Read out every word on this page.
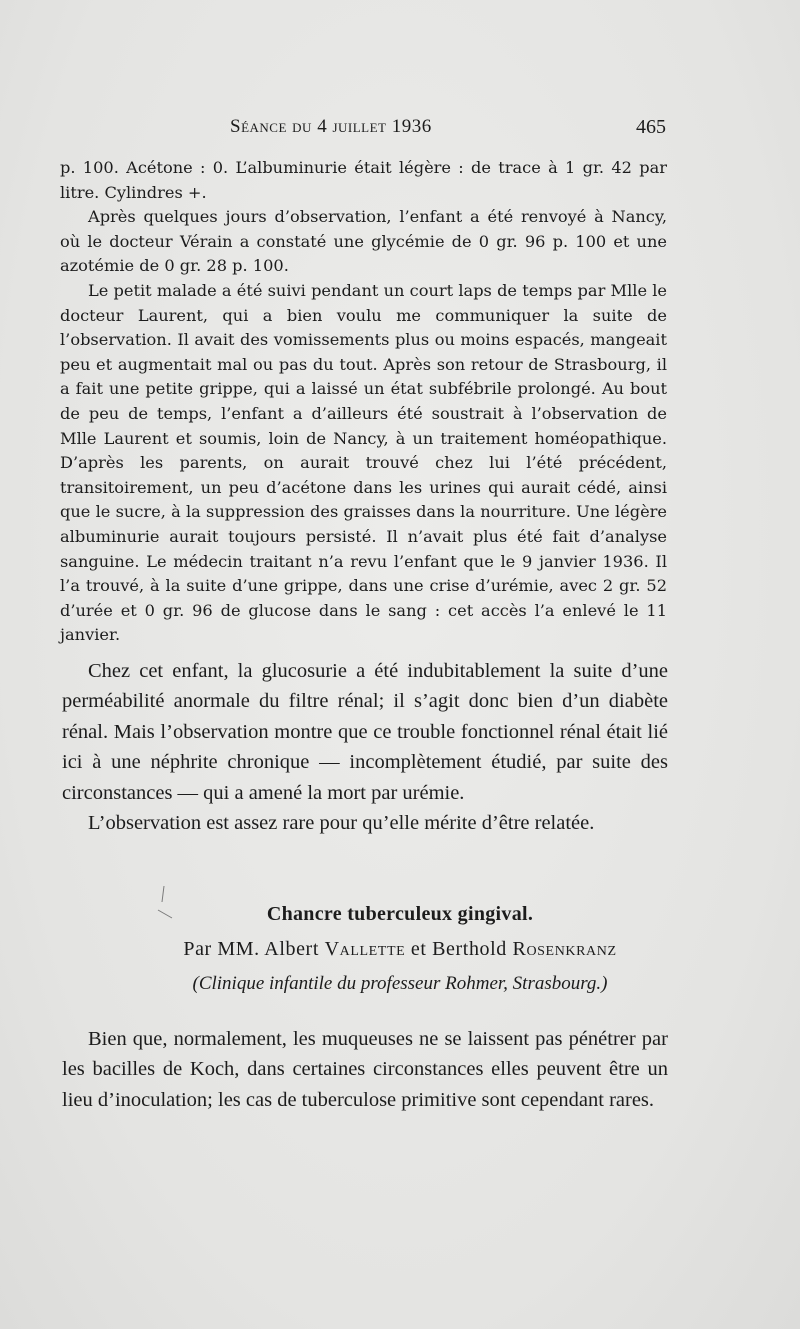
Séance du 4 juillet 1936	465

p. 100. Acétone : 0. L’albuminurie était légère : de trace à 1 gr. 42 par litre. Cylindres +.

Après quelques jours d’observation, l’enfant a été renvoyé à Nancy, où le docteur Vérain a constaté une glycémie de 0 gr. 96 p. 100 et une azotémie de 0 gr. 28 p. 100.

Le petit malade a été suivi pendant un court laps de temps par Mlle le docteur Laurent, qui a bien voulu me communiquer la suite de l’observation. Il avait des vomissements plus ou moins espacés, mangeait peu et augmentait mal ou pas du tout. Après son retour de Strasbourg, il a fait une petite grippe, qui a laissé un état subfébrile prolongé. Au bout de peu de temps, l’enfant a d’ailleurs été soustrait à l’observation de Mlle Laurent et soumis, loin de Nancy, à un traitement homéopathique. D’après les parents, on aurait trouvé chez lui l’été précédent, transitoirement, un peu d’acétone dans les urines qui aurait cédé, ainsi que le sucre, à la suppression des graisses dans la nourriture. Une légère albuminurie aurait toujours persisté. Il n’avait plus été fait d’analyse sanguine. Le médecin traitant n’a revu l’enfant que le 9 janvier 1936. Il l’a trouvé, à la suite d’une grippe, dans une crise d’urémie, avec 2 gr. 52 d’urée et 0 gr. 96 de glucose dans le sang : cet accès l’a enlevé le 11 janvier.

Chez cet enfant, la glucosurie a été indubitablement la suite d’une perméabilité anormale du filtre rénal; il s’agit donc bien d’un diabète rénal. Mais l’observation montre que ce trouble fonctionnel rénal était lié ici à une néphrite chronique — incomplètement étudié, par suite des circonstances — qui a amené la mort par urémie.

L’observation est assez rare pour qu’elle mérite d’être relatée.

Chancre tuberculeux gingival.
Par MM. Albert Vallette et Berthold Rosenkranz
(Clinique infantile du professeur Rohmer, Strasbourg.)

Bien que, normalement, les muqueuses ne se laissent pas pénétrer par les bacilles de Koch, dans certaines circonstances elles peuvent être un lieu d’inoculation; les cas de tuberculose primitive sont cependant rares.
